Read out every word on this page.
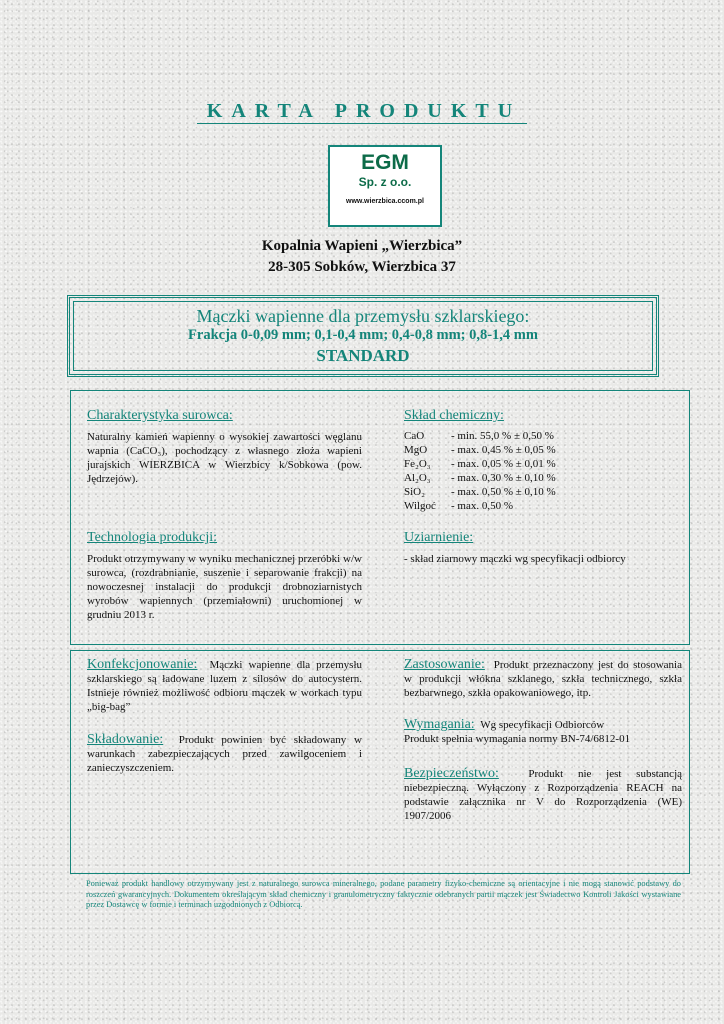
KARTA PRODUKTU
EGM
Sp. z o.o.
www.wierzbica.ccom.pl
Kopalnia Wapieni „Wierzbica”
28-305 Sobków, Wierzbica 37
Mączki wapienne dla przemysłu szklarskiego:
Frakcja 0-0,09 mm; 0,1-0,4 mm; 0,4-0,8 mm; 0,8-1,4 mm
STANDARD
Charakterystyka surowca:
Naturalny kamień wapienny o wysokiej zawartości węglanu wapnia (CaCO₃), pochodzący z własnego złoża wapieni jurajskich WIERZBICA w Wierzbicy k/Sobkowa (pow. Jędrzejów).
Skład chemiczny:
CaO	- min. 55,0 % ± 0,50 %
MgO	- max. 0,45 % ± 0,05 %
Fe₂O₃	- max. 0,05 % ± 0,01 %
Al₂O₃	- max. 0,30 % ± 0,10 %
SiO₂	- max. 0,50 % ± 0,10 %
Wilgoć	- max. 0,50 %
Technologia produkcji:
Produkt otrzymywany w wyniku mechanicznej przeróbki w/w surowca, (rozdrabnianie, suszenie i separowanie frakcji) na nowoczesnej instalacji do produkcji drobnoziarnistych wyrobów wapiennych (przemiałowni) uruchomionej w grudniu 2013 r.
Uziarnienie:
- skład ziarnowy mączki wg specyfikacji odbiorcy
Konfekcjonowanie: Mączki wapienne dla przemysłu szklarskiego są ładowane luzem z silosów do autocystern. Istnieje również możliwość odbioru mączek w workach typu „big-bag”
Składowanie: Produkt powinien być składowany w warunkach zabezpieczających przed zawilgoceniem i zanieczyszczeniem.
Zastosowanie: Produkt przeznaczony jest do stosowania w produkcji włókna szklanego, szkła technicznego, szkła bezbarwnego, szkła opakowaniowego, itp.
Wymagania: Wg specyfikacji Odbiorców
Produkt spełnia wymagania normy BN-74/6812-01
Bezpieczeństwo:	Produkt nie jest substancją niebezpieczną. Wyłączony z Rozporządzenia REACH na podstawie załącznika nr V do Rozporządzenia (WE) 1907/2006
Ponieważ produkt handlowy otrzymywany jest z naturalnego surowca mineralnego, podane parametry fizyko-chemiczne są orientacyjne i nie mogą stanowić podstawy do roszczeń gwarancyjnych. Dokumentem określającym skład chemiczny i granulometryczny faktycznie odebranych partii mączek jest Świadectwo Kontroli Jakości wystawiane przez Dostawcę w formie i terminach uzgodnionych z Odbiorcą.
